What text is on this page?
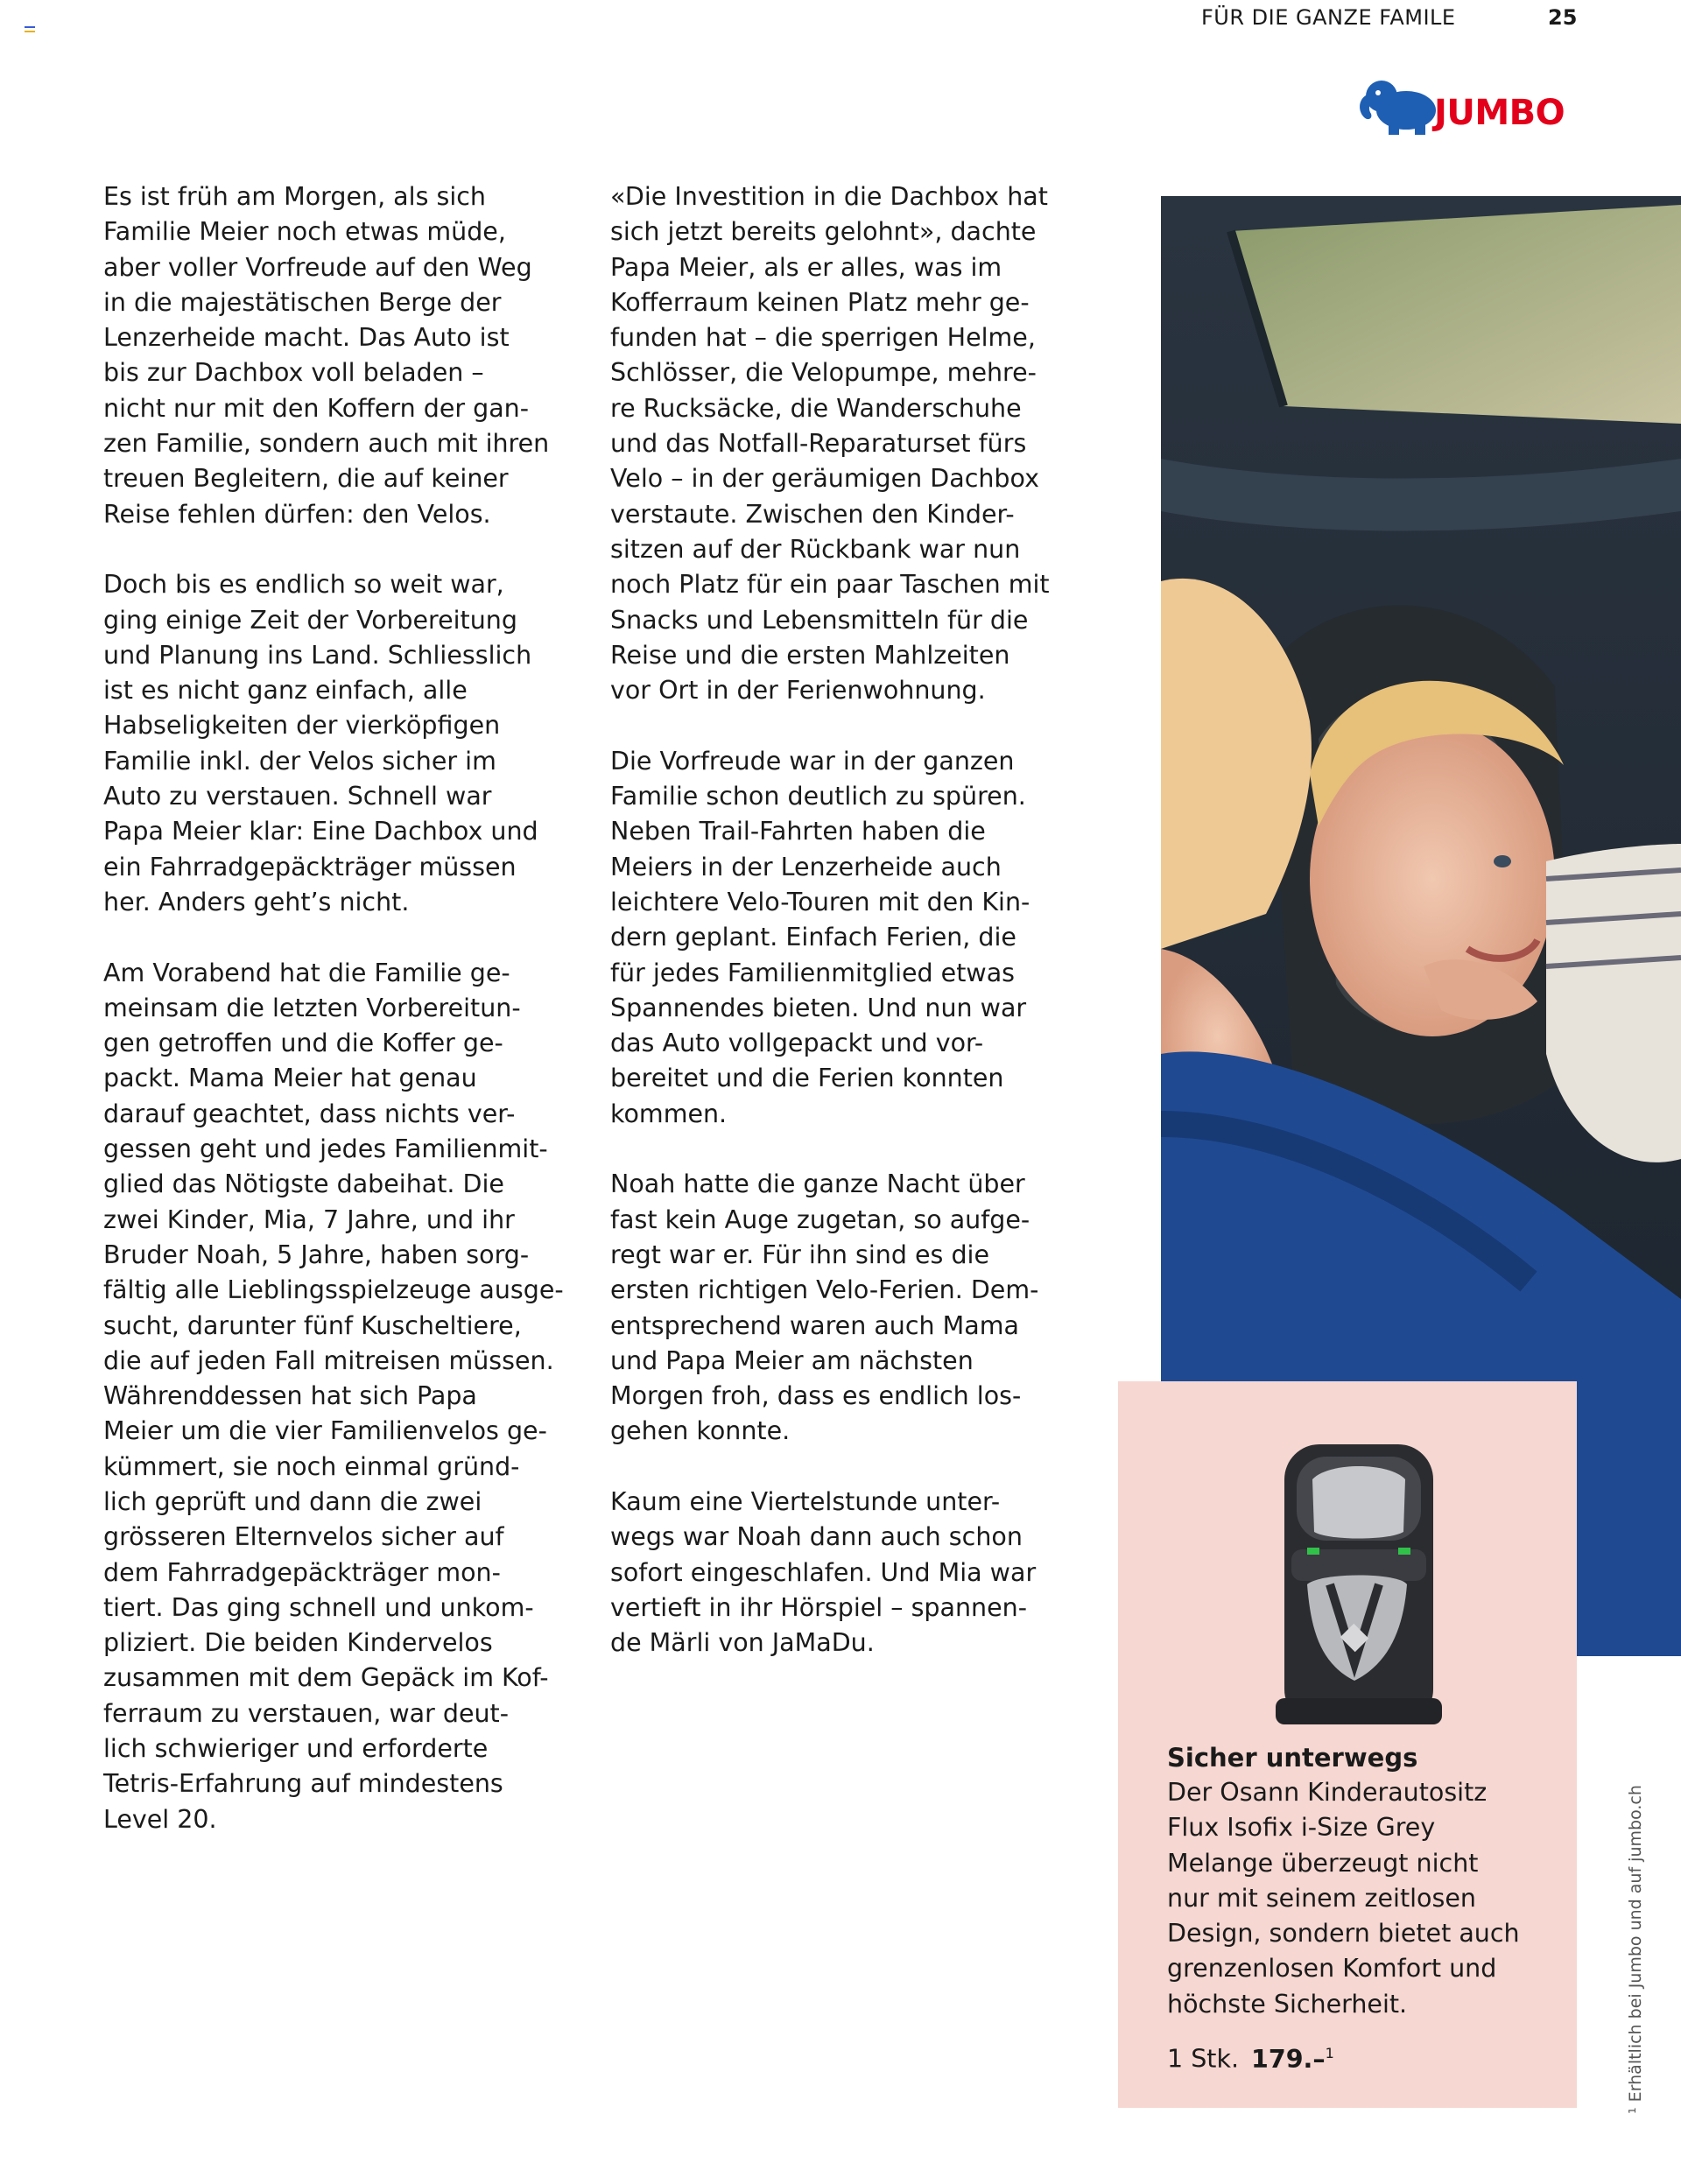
FÜR DIE GANZE FAMILE	25
JUMBO

Es ist früh am Morgen, als sich
Familie Meier noch etwas müde,
aber voller Vorfreude auf den Weg
in die majestätischen Berge der
Lenzerheide macht. Das Auto ist
bis zur Dachbox voll beladen –
nicht nur mit den Koffern der gan-
zen Familie, sondern auch mit ihren
treuen Begleitern, die auf keiner
Reise fehlen dürfen: den Velos.

Doch bis es endlich so weit war,
ging einige Zeit der Vorbereitung
und Planung ins Land. Schliesslich
ist es nicht ganz einfach, alle
Habseligkeiten der vierköpfigen
Familie inkl. der Velos sicher im
Auto zu verstauen. Schnell war
Papa Meier klar: Eine Dachbox und
ein Fahrradgepäckträger müssen
her. Anders geht’s nicht.

Am Vorabend hat die Familie ge-
meinsam die letzten Vorbereitun-
gen getroffen und die Koffer ge-
packt. Mama Meier hat genau
darauf geachtet, dass nichts ver-
gessen geht und jedes Familienmit-
glied das Nötigste dabeihat. Die
zwei Kinder, Mia, 7 Jahre, und ihr
Bruder Noah, 5 Jahre, haben sorg-
fältig alle Lieblingsspielzeuge ausge-
sucht, darunter fünf Kuscheltiere,
die auf jeden Fall mitreisen müssen.
Währenddessen hat sich Papa
Meier um die vier Familienvelos ge-
kümmert, sie noch einmal gründ-
lich geprüft und dann die zwei
grösseren Elternvelos sicher auf
dem Fahrradgepäckträger mon-
tiert. Das ging schnell und unkom-
pliziert. Die beiden Kindervelos
zusammen mit dem Gepäck im Kof-
ferraum zu verstauen, war deut-
lich schwieriger und erforderte
Tetris-Erfahrung auf mindestens
Level 20.

«Die Investition in die Dachbox hat
sich jetzt bereits gelohnt», dachte
Papa Meier, als er alles, was im
Kofferraum keinen Platz mehr ge-
funden hat – die sperrigen Helme,
Schlösser, die Velopumpe, mehre-
re Rucksäcke, die Wanderschuhe
und das Notfall-Reparaturset fürs
Velo – in der geräumigen Dachbox
verstaute. Zwischen den Kinder-
sitzen auf der Rückbank war nun
noch Platz für ein paar Taschen mit
Snacks und Lebensmitteln für die
Reise und die ersten Mahlzeiten
vor Ort in der Ferienwohnung.

Die Vorfreude war in der ganzen
Familie schon deutlich zu spüren.
Neben Trail-Fahrten haben die
Meiers in der Lenzerheide auch
leichtere Velo-Touren mit den Kin-
dern geplant. Einfach Ferien, die
für jedes Familienmitglied etwas
Spannendes bieten. Und nun war
das Auto vollgepackt und vor-
bereitet und die Ferien konnten
kommen.

Noah hatte die ganze Nacht über
fast kein Auge zugetan, so aufge-
regt war er. Für ihn sind es die
ersten richtigen Velo-Ferien. Dem-
entsprechend waren auch Mama
und Papa Meier am nächsten
Morgen froh, dass es endlich los-
gehen konnte.

Kaum eine Viertelstunde unter-
wegs war Noah dann auch schon
sofort eingeschlafen. Und Mia war
vertieft in ihr Hörspiel – spannen-
de Märli von JaMaDu.

Sicher unterwegs
Der Osann Kinderautositz
Flux Isofix i-Size Grey
Melange überzeugt nicht
nur mit seinem zeitlosen
Design, sondern bietet auch
grenzenlosen Komfort und
höchste Sicherheit.
1 Stk. 179.–$^1$	¹ Erhältlich bei Jumbo und auf jumbo.ch
